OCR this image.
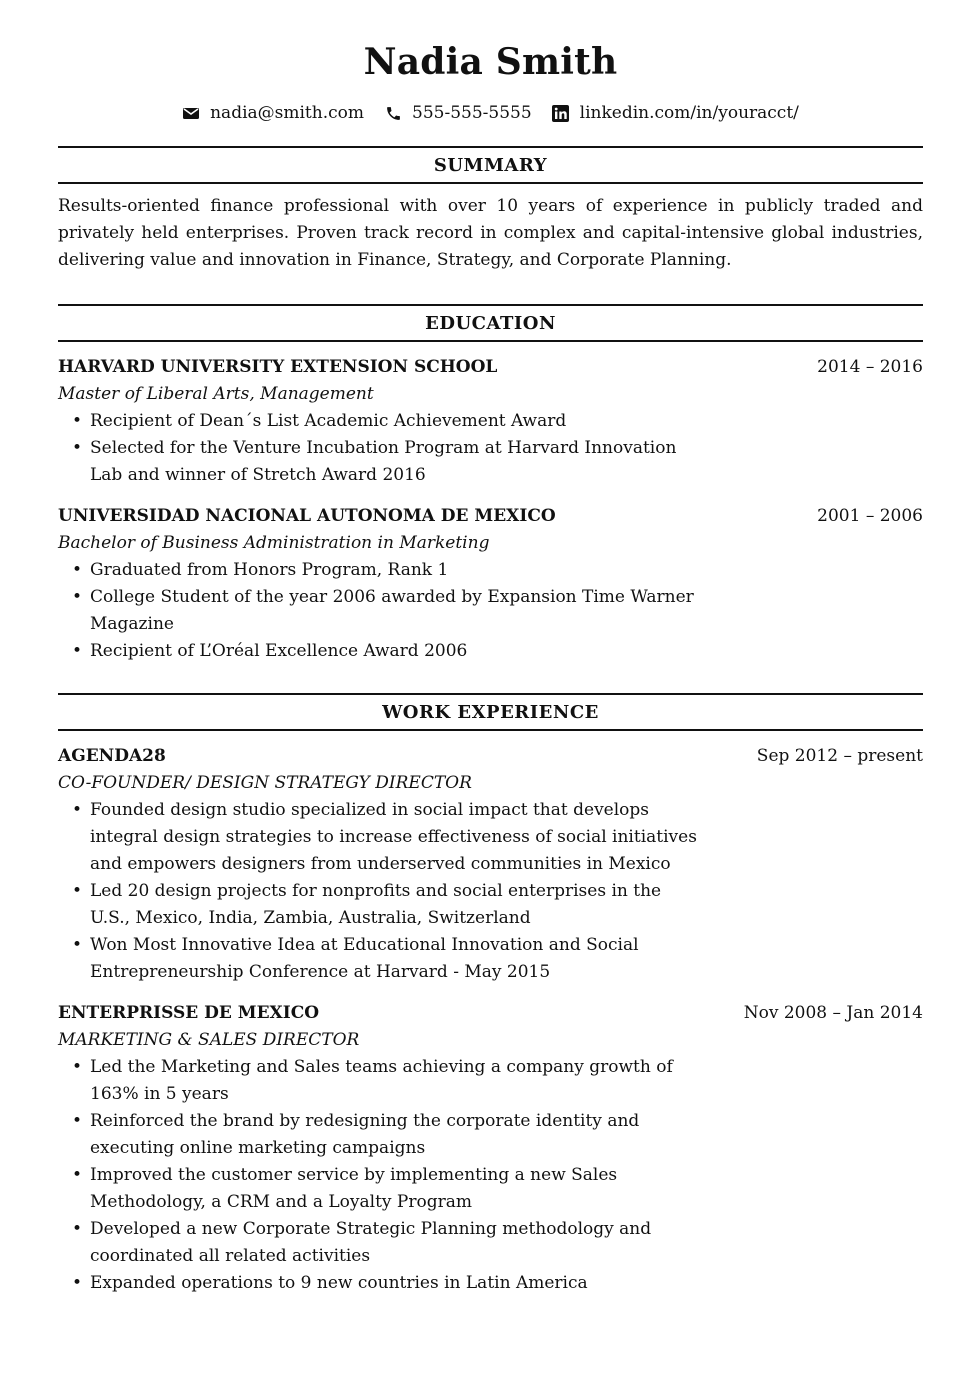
Nadia Smith
nadia@smith.com	555-555-5555	linkedin.com/in/youracct/
SUMMARY
Results-oriented finance professional with over 10 years of experience in publicly traded and privately held enterprises. Proven track record in complex and capital-intensive global industries, delivering value and innovation in Finance, Strategy, and Corporate Planning.
EDUCATION
HARVARD UNIVERSITY EXTENSION SCHOOL	2014 – 2016
Master of Liberal Arts, Management
• Recipient of Dean´s List Academic Achievement Award
• Selected for the Venture Incubation Program at Harvard Innovation Lab and winner of Stretch Award 2016
UNIVERSIDAD NACIONAL AUTONOMA DE MEXICO	2001 – 2006
Bachelor of Business Administration in Marketing
• Graduated from Honors Program, Rank 1
• College Student of the year 2006 awarded by Expansion Time Warner Magazine
• Recipient of L’Oréal Excellence Award 2006
WORK EXPERIENCE
AGENDA28	Sep 2012 – present
CO-FOUNDER/ DESIGN STRATEGY DIRECTOR
• Founded design studio specialized in social impact that develops integral design strategies to increase effectiveness of social initiatives and empowers designers from underserved communities in Mexico
• Led 20 design projects for nonprofits and social enterprises in the U.S., Mexico, India, Zambia, Australia, Switzerland
• Won Most Innovative Idea at Educational Innovation and Social Entrepreneurship Conference at Harvard - May 2015
ENTERPRISSE DE MEXICO	Nov 2008 – Jan 2014
MARKETING & SALES DIRECTOR
• Led the Marketing and Sales teams achieving a company growth of 163% in 5 years
• Reinforced the brand by redesigning the corporate identity and executing online marketing campaigns
• Improved the customer service by implementing a new Sales Methodology, a CRM and a Loyalty Program
• Developed a new Corporate Strategic Planning methodology and coordinated all related activities
• Expanded operations to 9 new countries in Latin America
